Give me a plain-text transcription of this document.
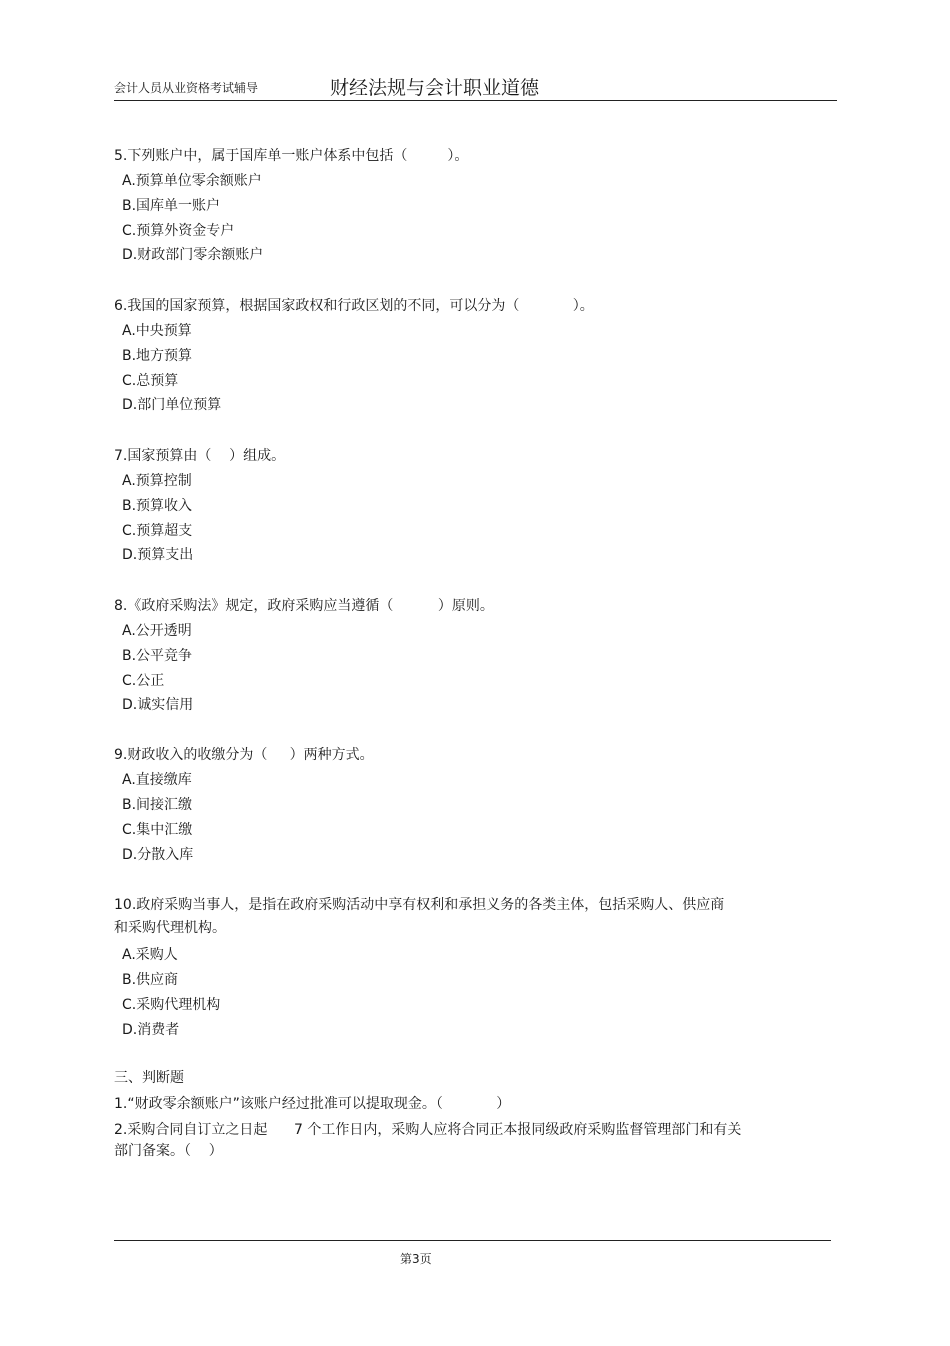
会计人员从业资格考试辅导	财经法规与会计职业道德
5.下列账户中，属于国库单一账户体系中包括（         ）。
A.预算单位零余额账户
B.国库单一账户
C.预算外资金专户
D.财政部门零余额账户
6.我国的国家预算，根据国家政权和行政区划的不同，可以分为（            ）。
A.中央预算
B.地方预算
C.总预算
D.部门单位预算
7.国家预算由（    ）组成。
A.预算控制
B.预算收入
C.预算超支
D.预算支出
8.《政府采购法》规定，政府采购应当遵循（          ）原则。
A.公开透明
B.公平竞争
C.公正
D.诚实信用
9.财政收入的收缴分为（     ）两种方式。
A.直接缴库
B.间接汇缴
C.集中汇缴
D.分散入库
10.政府采购当事人，是指在政府采购活动中享有权利和承担义务的各类主体，包括采购人、供应商
和采购代理机构。
A.采购人
B.供应商
C.采购代理机构
D.消费者
三、判断题
1.“财政零余额账户”该账户经过批准可以提取现金。（            ）
2.采购合同自订立之日起      7 个工作日内，采购人应将合同正本报同级政府采购监督管理部门和有关
部门备案。（    ）
第3页
